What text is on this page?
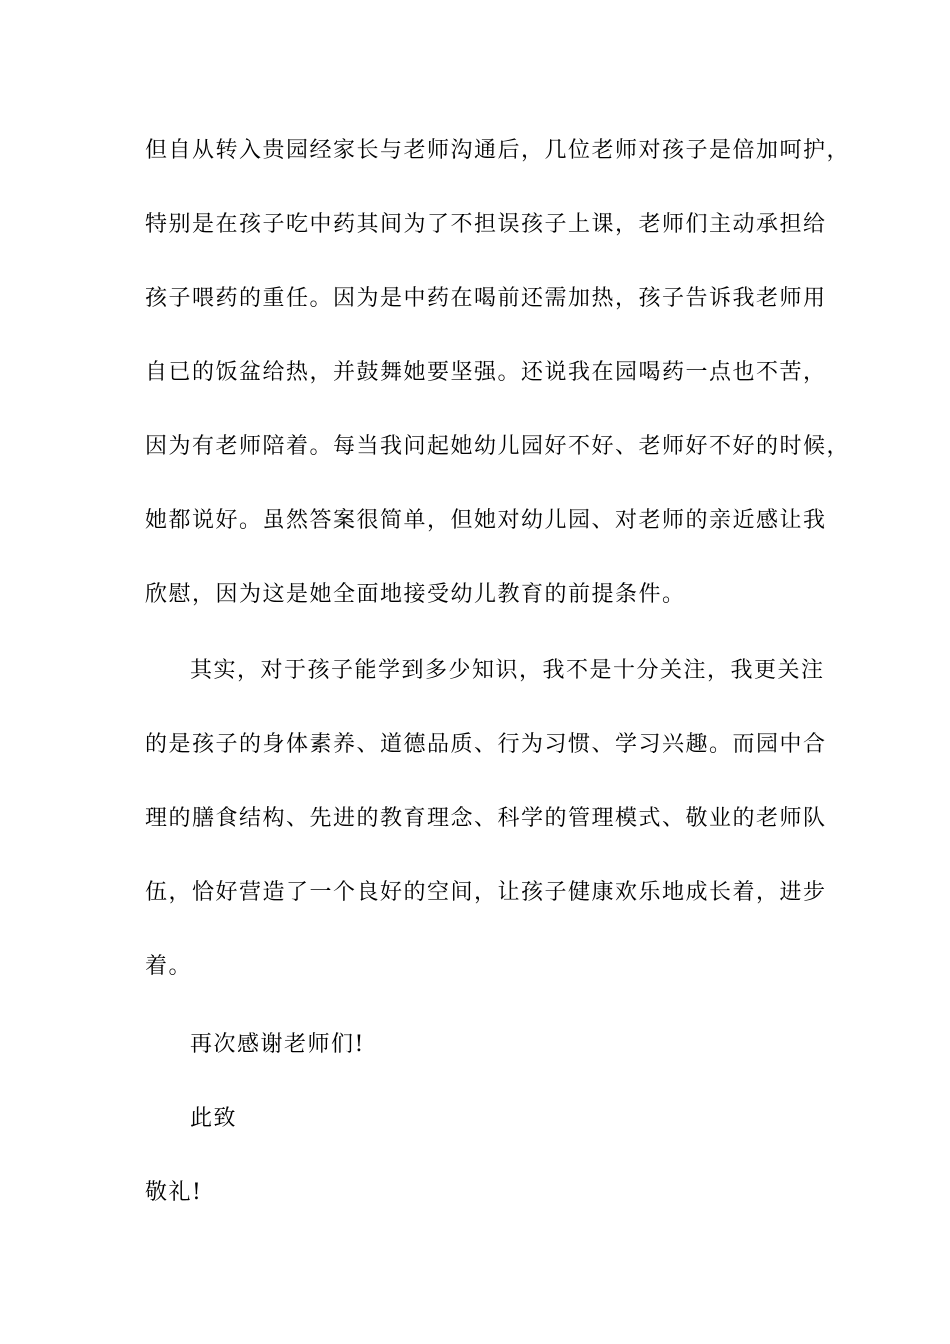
但自从转入贵园经家长与老师沟通后，几位老师对孩子是倍加呵护，
特别是在孩子吃中药其间为了不担误孩子上课，老师们主动承担给
孩子喂药的重任。因为是中药在喝前还需加热，孩子告诉我老师用
自已的饭盆给热，并鼓舞她要坚强。还说我在园喝药一点也不苦，
因为有老师陪着。每当我问起她幼儿园好不好、老师好不好的时候，
她都说好。虽然答案很简单，但她对幼儿园、对老师的亲近感让我
欣慰，因为这是她全面地接受幼儿教育的前提条件。
其实，对于孩子能学到多少知识，我不是十分关注，我更关注
的是孩子的身体素养、道德品质、行为习惯、学习兴趣。而园中合
理的膳食结构、先进的教育理念、科学的管理模式、敬业的老师队
伍，恰好营造了一个良好的空间，让孩子健康欢乐地成长着，进步
着。
再次感谢老师们!
此致
敬礼!
